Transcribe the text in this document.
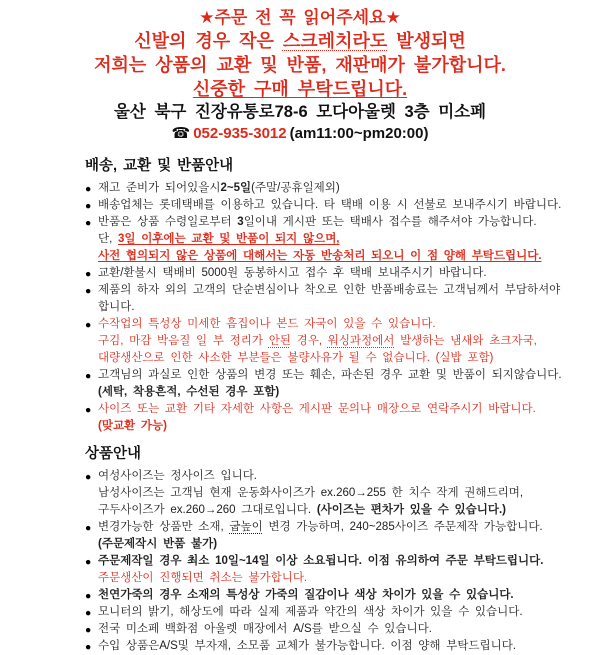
★주문 전 꼭 읽어주세요★
신발의 경우 작은 스크레치라도 발생되면
저희는 상품의 교환 및 반품, 재판매가 불가합니다.
신중한 구매 부탁드립니다.
울산 북구 진장유통로78-6 모다아울렛 3층 미소페
☎ 052-935-3012 (am11:00~pm20:00)
배송, 교환 및 반품안내
● 재고 준비가 되어있을시2~5일(주말/공휴일제외)
● 배송업체는 롯데택배를 이용하고 있습니다. 타 택배 이용 시 선불로 보내주시기 바랍니다.
● 반품은 상품 수령일로부터 3일이내 게시판 또는 택배사 접수를 해주셔야 가능합니다.
단, 3일 이후에는 교환 및 반품이 되지 않으며,
사전 협의되지 않은 상품에 대해서는 자동 반송처리 되오니 이 점 양해 부탁드립니다.
● 교환/환불시 택배비 5000원 동봉하시고 접수 후 택배 보내주시기 바랍니다.
● 제품의 하자 외의 고객의 단순변심이나 착오로 인한 반품배송료는 고객님께서 부담하셔야
합니다.
● 수작업의 특성상 미세한 흠집이나 본드 자국이 있을 수 있습니다.
구김, 마감 박음질 일 부 정리가 안된 경우, 워싱과정에서 발생하는 냄새와 초크자국,
대량생산으로 인한 사소한 부분들은 불량사유가 될 수 없습니다. (실밥 포함)
● 고객님의 과실로 인한 상품의 변경 또는 훼손, 파손된 경우 교환 및 반품이 되지않습니다.
(세탁, 착용흔적, 수선된 경우 포함)
● 사이즈 또는 교환 기타 자세한 사항은 게시판 문의나 매장으로 연락주시기 바랍니다.
(맞교환 가능)
상품안내
● 여성사이즈는 정사이즈 입니다.
남성사이즈는 고객님 현재 운동화사이즈가 ex.260→255 한 치수 작게 권해드리며,
구두사이즈가 ex.260→260 그대로입니다. (사이즈는 편차가 있을 수 있습니다.)
● 변경가능한 상품만 소재, 굽높이 변경 가능하며, 240~285사이즈 주문제작 가능합니다.
(주문제작시 반품 불가)
● 주문제작일 경우 최소 10일~14일 이상 소요됩니다. 이점 유의하여 주문 부탁드립니다.
주문생산이 진행되면 취소는 불가합니다.
● 천연가죽의 경우 소재의 특성상 가죽의 질감이나 색상 차이가 있을 수 있습니다.
● 모니터의 밝기, 해상도에 따라 실제 제품과 약간의 색상 차이가 있을 수 있습니다.
● 전국 미소페 백화점 아울렛 매장에서 A/S를 받으실 수 있습니다.
● 수입 상품은A/S및 부자재, 소모품 교체가 불가능합니다. 이점 양해 부탁드립니다.
